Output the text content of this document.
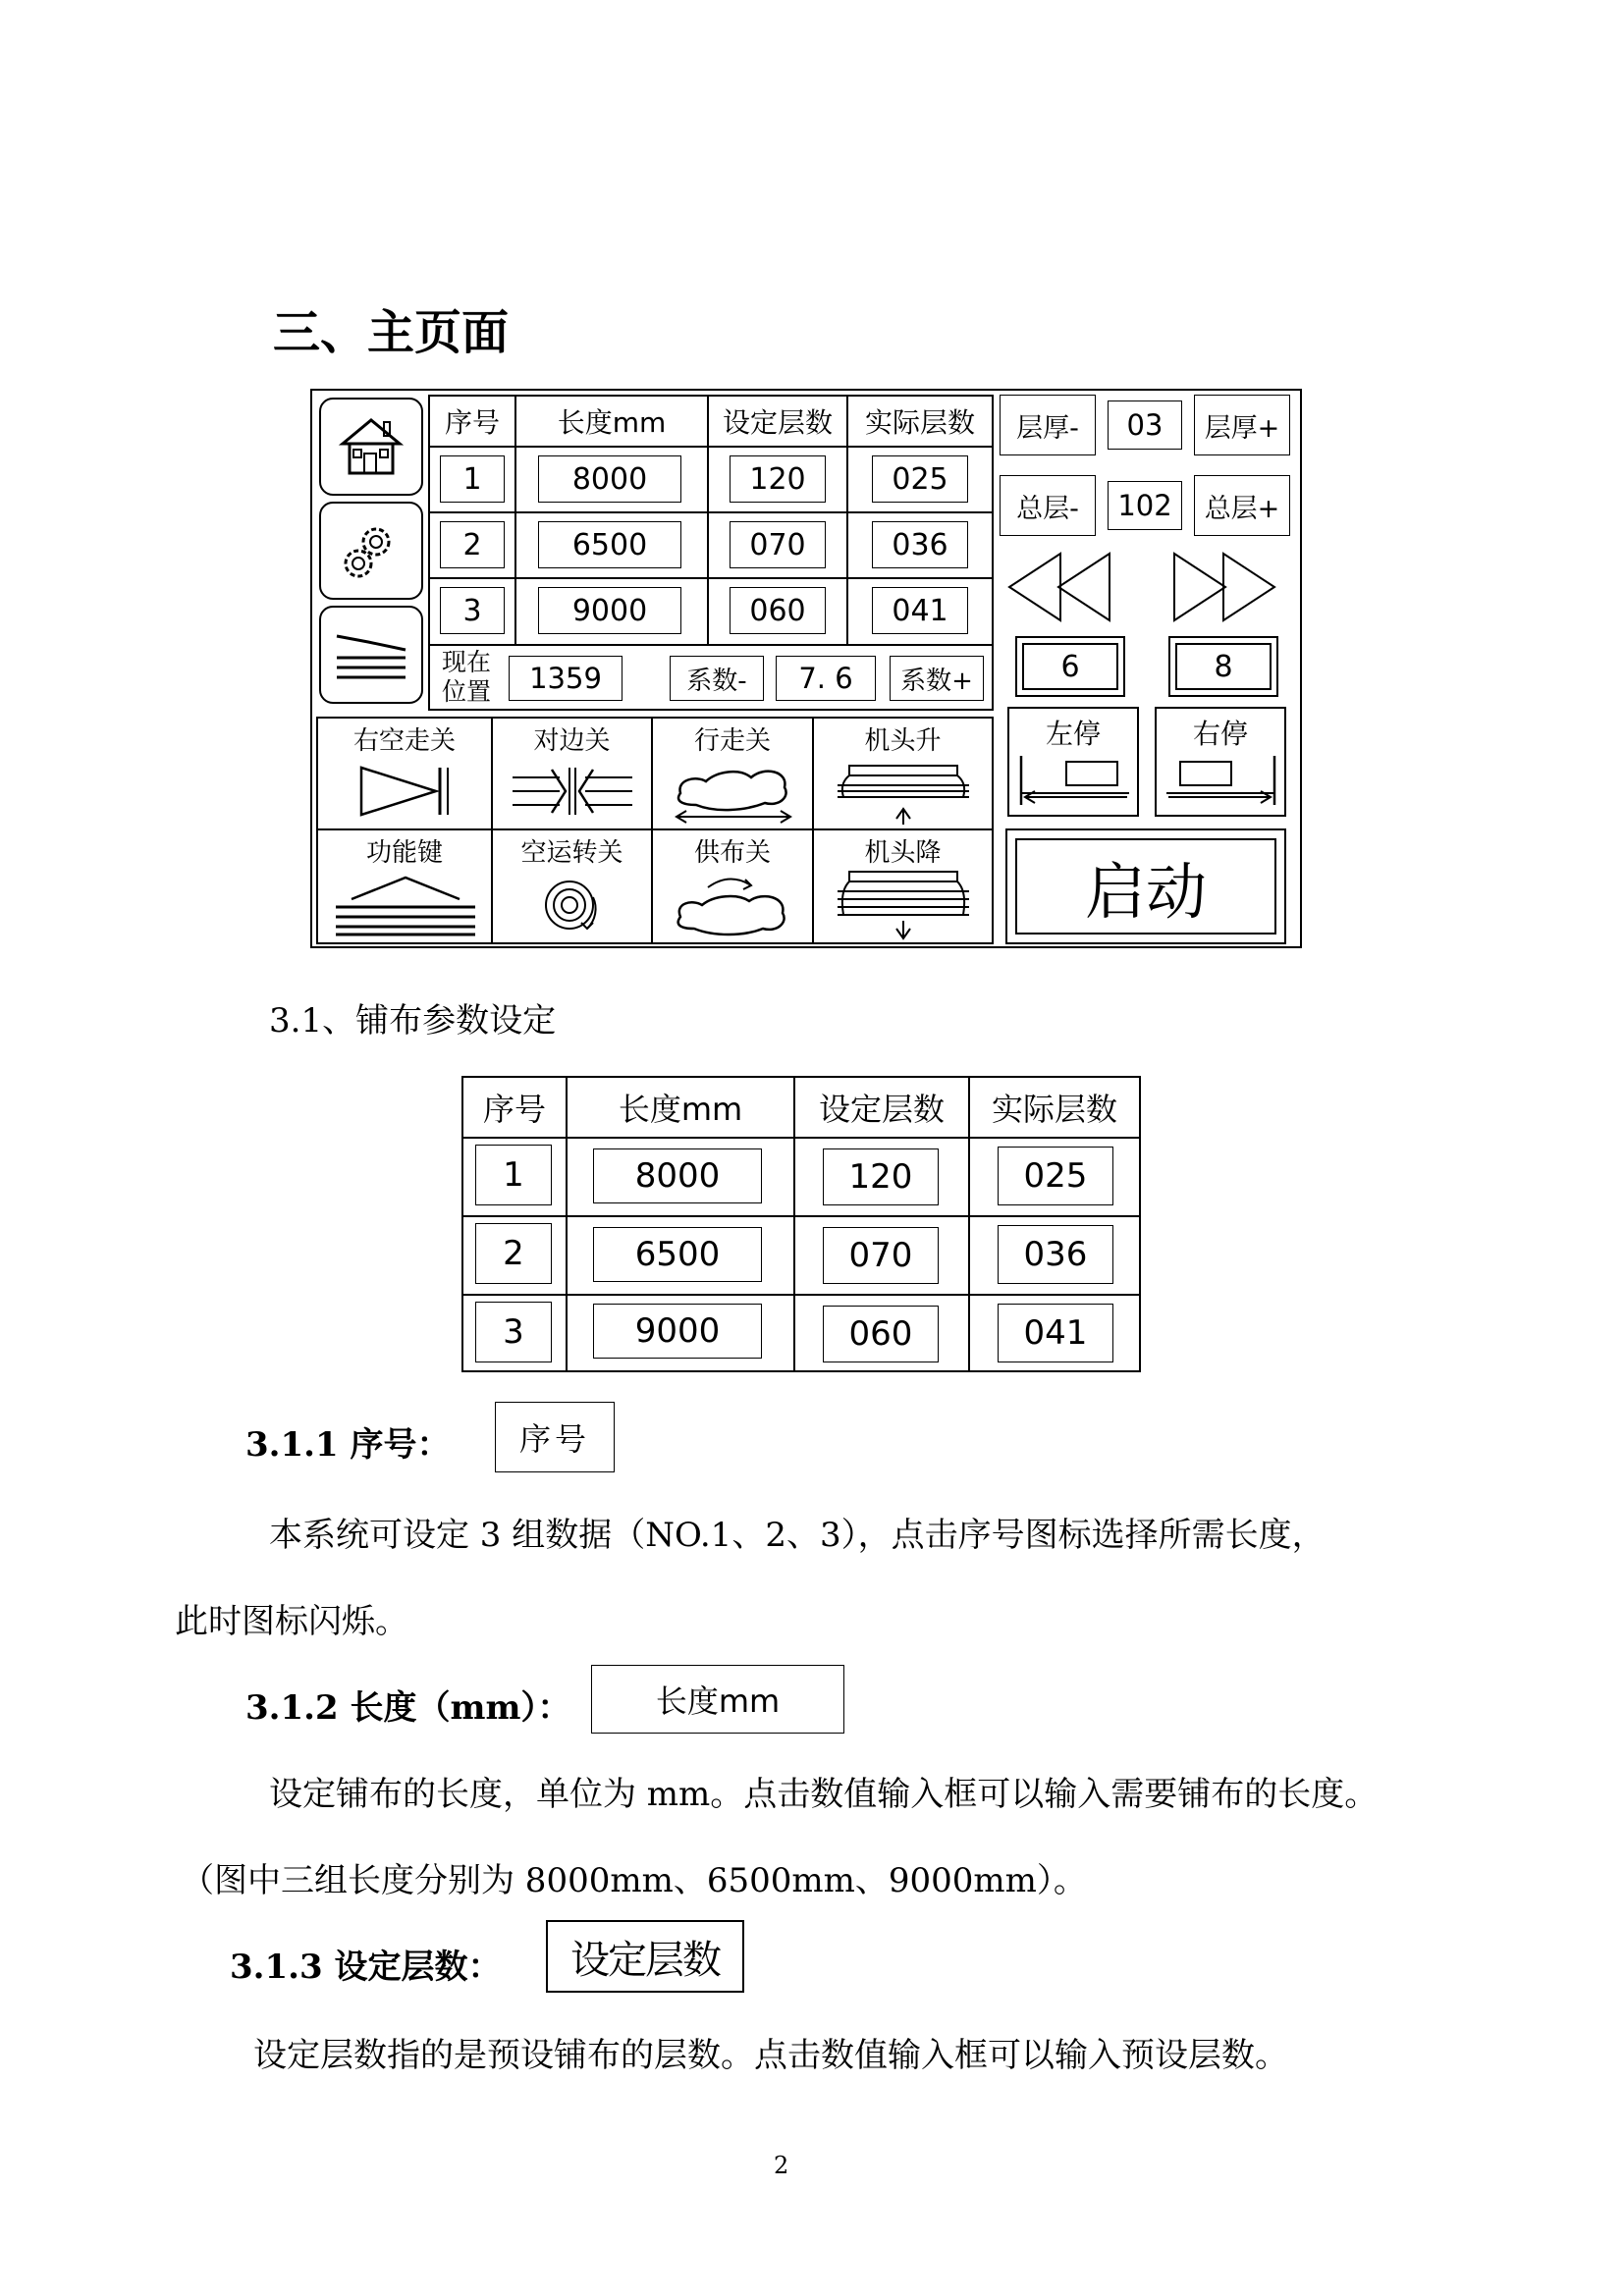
三、主页面
序号	长度mm	设定层数	实际层数
1	8000	120	025
2	6500	070	036
3	9000	060	041
现在
位置	1359	系数-	7. 6	系数+
右空走关	对边关	行走关	机头升
功能键	空运转关	供布关	机头降
层厚-	03	层厚+
总层-	102	总层+
6	8
左停	右停
启动
3.1、铺布参数设定
序号	长度mm	设定层数	实际层数
1	8000	120	025
2	6500	070	036
3	9000	060	041
3.1.1 序号：	序号
本系统可设定 3 组数据（NO.1、2、3），点击序号图标选择所需长度，
此时图标闪烁。
3.1.2 长度（mm）：	长度mm
设定铺布的长度，单位为 mm。点击数值输入框可以输入需要铺布的长度。
（图中三组长度分别为 8000mm、6500mm、9000mm）。
3.1.3 设定层数：	设定层数
设定层数指的是预设铺布的层数。点击数值输入框可以输入预设层数。
2
